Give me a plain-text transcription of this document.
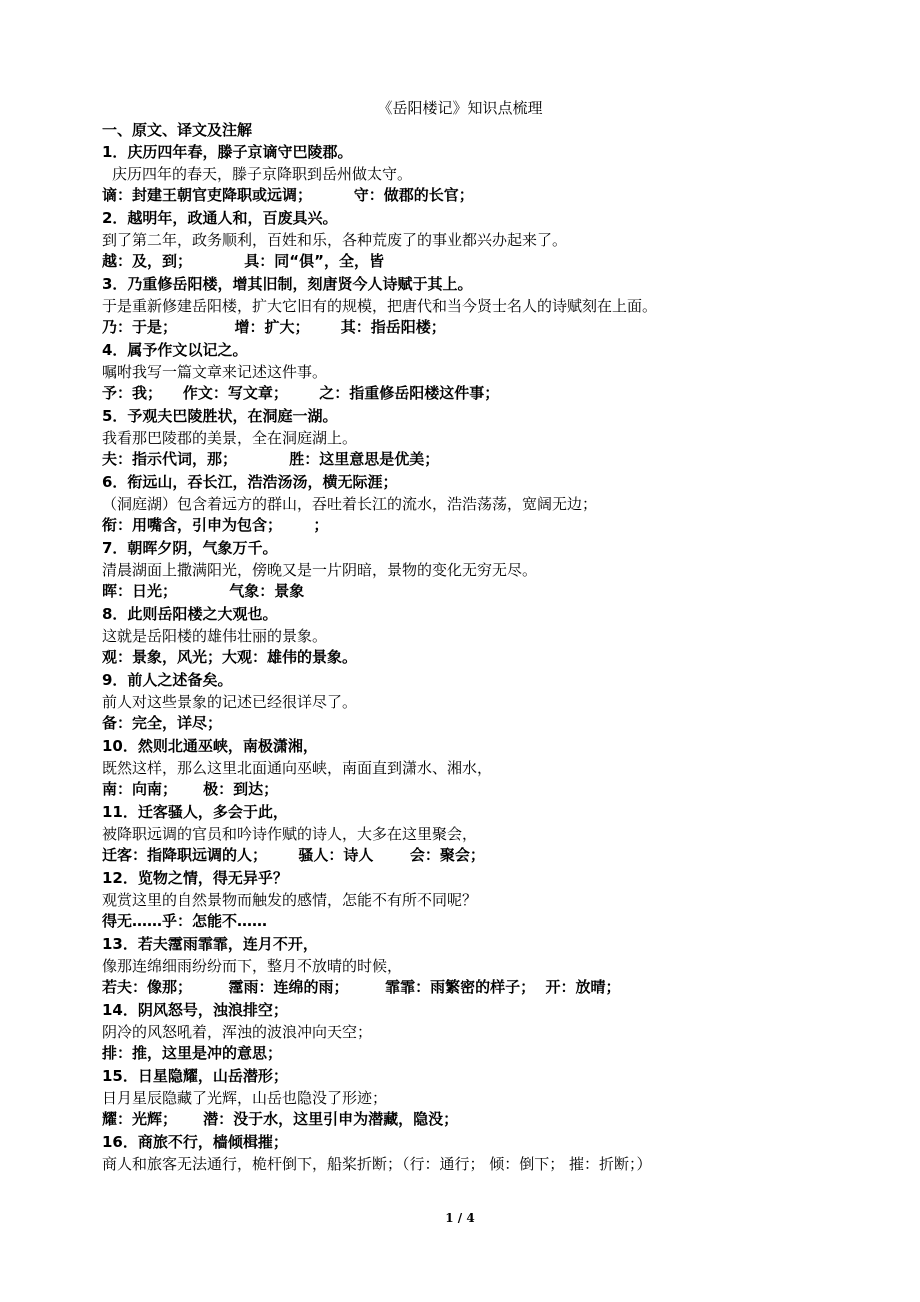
《岳阳楼记》知识点梳理
一、原文、译文及注解
1．庆历四年春，滕子京谪守巴陵郡。
庆历四年的春天，滕子京降职到岳州做太守。
谪：封建王朝官吏降职或远调；        守：做郡的长官；
2．越明年，政通人和，百废具兴。
到了第二年，政务顺利，百姓和乐，各种荒废了的事业都兴办起来了。
越：及，到；          具：同“俱”，全，皆
3．乃重修岳阳楼，增其旧制，刻唐贤今人诗赋于其上。
于是重新修建岳阳楼，扩大它旧有的规模，把唐代和当今贤士名人的诗赋刻在上面。
乃：于是；           增：扩大；      其：指岳阳楼；
4．属予作文以记之。
嘱咐我写一篇文章来记述这件事。
予：我；    作文：写文章；      之：指重修岳阳楼这件事；
5．予观夫巴陵胜状，在洞庭一湖。
我看那巴陵郡的美景，全在洞庭湖上。
夫：指示代词，那；          胜：这里意思是优美；
6．衔远山，吞长江，浩浩汤汤，横无际涯；
（洞庭湖）包含着远方的群山，吞吐着长江的流水，浩浩荡荡，宽阔无边；
衔：用嘴含，引申为包含；      ；
7．朝晖夕阴，气象万千。
清晨湖面上撒满阳光，傍晚又是一片阴暗，景物的变化无穷无尽。
晖：日光；          气象：景象
8．此则岳阳楼之大观也。
这就是岳阳楼的雄伟壮丽的景象。
观：景象，风光；大观：雄伟的景象。
9．前人之述备矣。
前人对这些景象的记述已经很详尽了。
备：完全，详尽；
10．然则北通巫峡，南极潇湘，
既然这样，那么这里北面通向巫峡，南面直到潇水、湘水，
南：向南；     极：到达；
11．迁客骚人，多会于此，
被降职远调的官员和吟诗作赋的诗人，大多在这里聚会，
迁客：指降职远调的人；      骚人：诗人       会：聚会；
12．览物之情，得无异乎？
观赏这里的自然景物而触发的感情，怎能不有所不同呢？
得无……乎：怎能不……
13．若夫霪雨霏霏，连月不开，
像那连绵细雨纷纷而下，整月不放晴的时候，
若夫：像那；       霪雨：连绵的雨；       霏霏：雨繁密的样子；  开：放晴；
14．阴风怒号，浊浪排空；
阴冷的风怒吼着，浑浊的波浪冲向天空；
排：推，这里是冲的意思；
15．日星隐耀，山岳潜形；
日月星辰隐藏了光辉，山岳也隐没了形迹；
耀：光辉；     潜：没于水，这里引申为潜藏，隐没；
16．商旅不行，樯倾楫摧；
商人和旅客无法通行，桅杆倒下，船桨折断；（行：通行； 倾：倒下； 摧：折断；）
1 / 4
